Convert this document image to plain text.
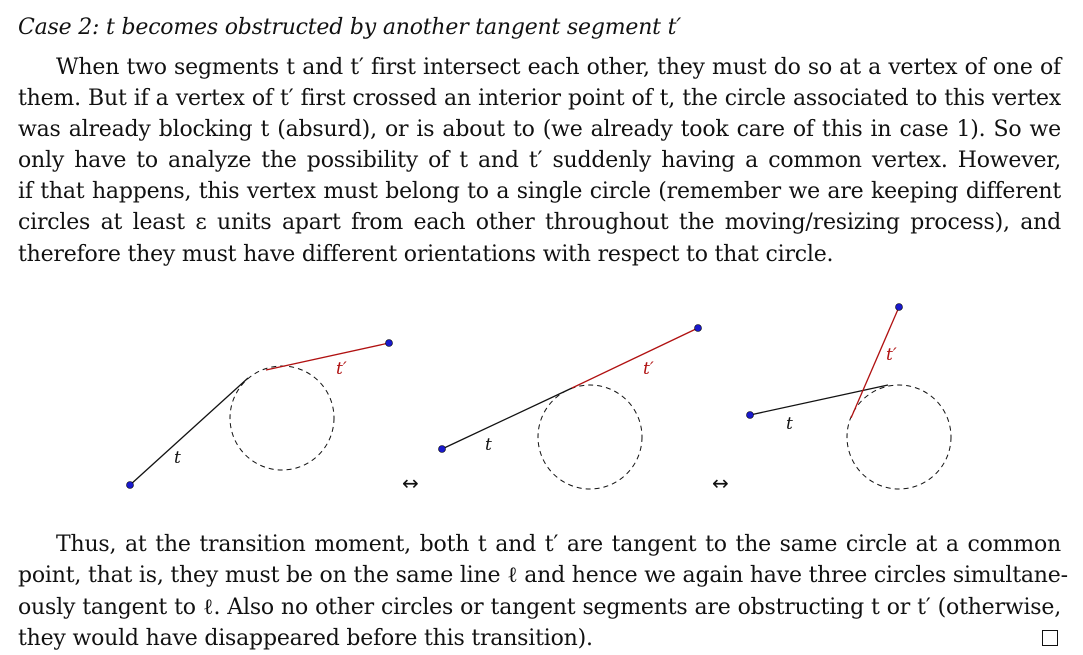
Case 2: t becomes obstructed by another tangent segment t′
When two segments t and t′ first intersect each other, they must do so at a vertex of one of
them. But if a vertex of t′ first crossed an interior point of t, the circle associated to this vertex
was already blocking t (absurd), or is about to (we already took care of this in case 1). So we
only have to analyze the possibility of t and t′ suddenly having a common vertex. However,
if that happens, this vertex must belong to a single circle (remember we are keeping different
circles at least ε units apart from each other throughout the moving/resizing process), and
therefore they must have different orientations with respect to that circle.
t
t′
↔
t
t′
↔
t
t′
Thus, at the transition moment, both t and t′ are tangent to the same circle at a common
point, that is, they must be on the same line ℓ and hence we again have three circles simultane-
ously tangent to ℓ. Also no other circles or tangent segments are obstructing t or t′ (otherwise,
they would have disappeared before this transition).
